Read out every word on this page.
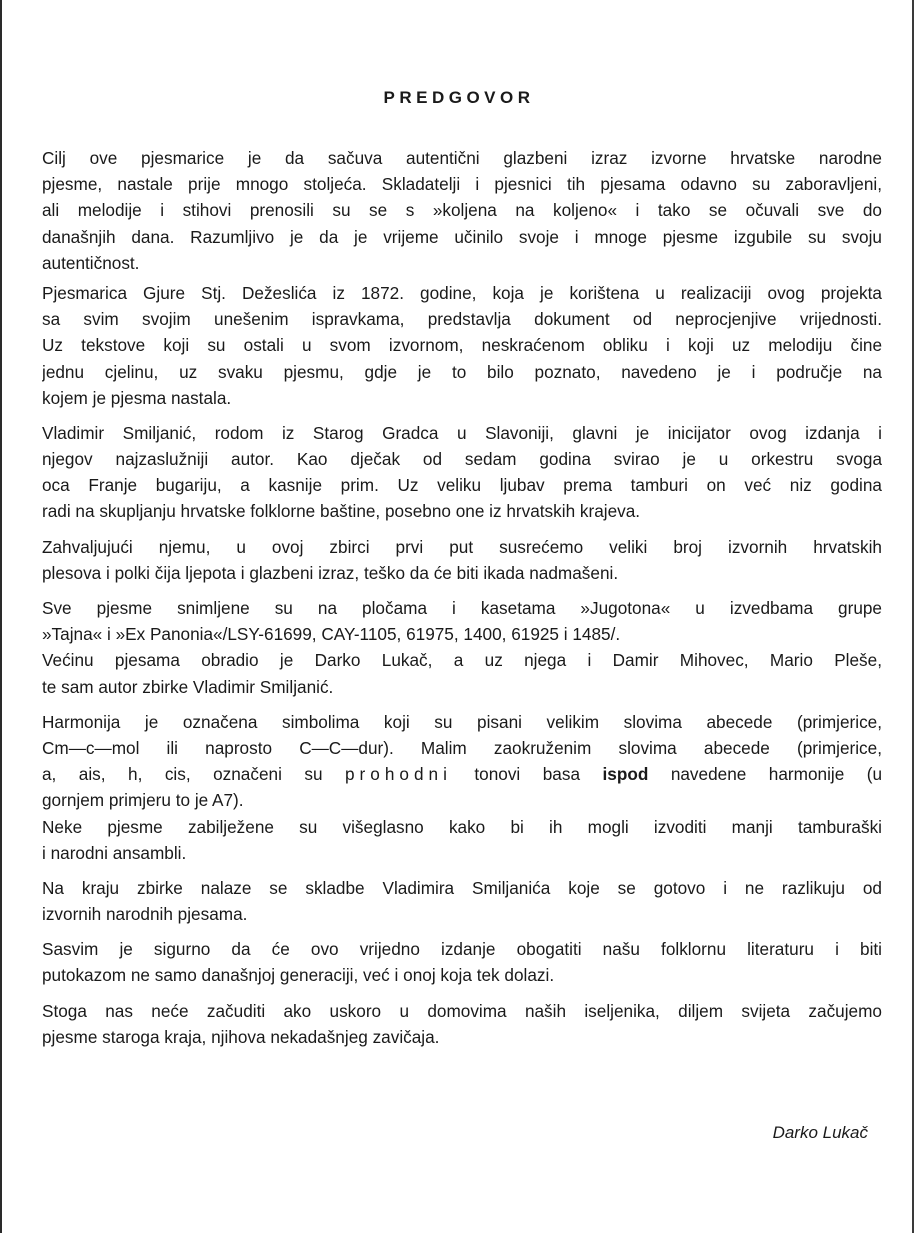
PREDGOVOR

Cilj ove pjesmarice je da sačuva autentični glazbeni izraz izvorne hrvatske narodne
pjesme, nastale prije mnogo stoljeća. Skladatelji i pjesnici tih pjesama odavno su zaboravljeni,
ali melodije i stihovi prenosili su se s »koljena na koljeno« i tako se očuvali sve do
današnjih dana. Razumljivo je da je vrijeme učinilo svoje i mnoge pjesme izgubile su svoju
autentičnost.

Pjesmarica Gjure Stj. Dežeslića iz 1872. godine, koja je korištena u realizaciji ovog projekta
sa svim svojim unešenim ispravkama, predstavlja dokument od neprocjenjive vrijednosti.
Uz tekstove koji su ostali u svom izvornom, neskraćenom obliku i koji uz melodiju čine
jednu cjelinu, uz svaku pjesmu, gdje je to bilo poznato, navedeno je i područje na
kojem je pjesma nastala.

Vladimir Smiljanić, rodom iz Starog Gradca u Slavoniji, glavni je inicijator ovog izdanja i
njegov najzaslužniji autor. Kao dječak od sedam godina svirao je u orkestru svoga
oca Franje bugariju, a kasnije prim. Uz veliku ljubav prema tamburi on već niz godina
radi na skupljanju hrvatske folklorne baštine, posebno one iz hrvatskih krajeva.

Zahvaljujući njemu, u ovoj zbirci prvi put susrećemo veliki broj izvornih hrvatskih
plesova i polki čija ljepota i glazbeni izraz, teško da će biti ikada nadmašeni.

Sve pjesme snimljene su na pločama i kasetama »Jugotona« u izvedbama grupe
»Tajna« i »Ex Panonia«/LSY-61699, CAY-1105, 61975, 1400, 61925 i 1485/.

Većinu pjesama obradio je Darko Lukač, a uz njega i Damir Mihovec, Mario Pleše,
te sam autor zbirke Vladimir Smiljanić.

Harmonija je označena simbolima koji su pisani velikim slovima abecede (primjerice,
Cm—c—mol ili naprosto C—C—dur). Malim zaokruženim slovima abecede (primjerice,
a, ais, h, cis, označeni su prohodni tonovi basa ispod navedene harmonije (u
gornjem primjeru to je A7).

Neke pjesme zabilježene su višeglasno kako bi ih mogli izvoditi manji tamburaški
i narodni ansambli.

Na kraju zbirke nalaze se skladbe Vladimira Smiljanića koje se gotovo i ne razlikuju od
izvornih narodnih pjesama.

Sasvim je sigurno da će ovo vrijedno izdanje obogatiti našu folklornu literaturu i biti
putokazom ne samo današnjoj generaciji, već i onoj koja tek dolazi.

Stoga nas neće začuditi ako uskoro u domovima naših iseljenika, diljem svijeta začujemo
pjesme staroga kraja, njihova nekadašnjeg zavičaja.

Darko Lukač
